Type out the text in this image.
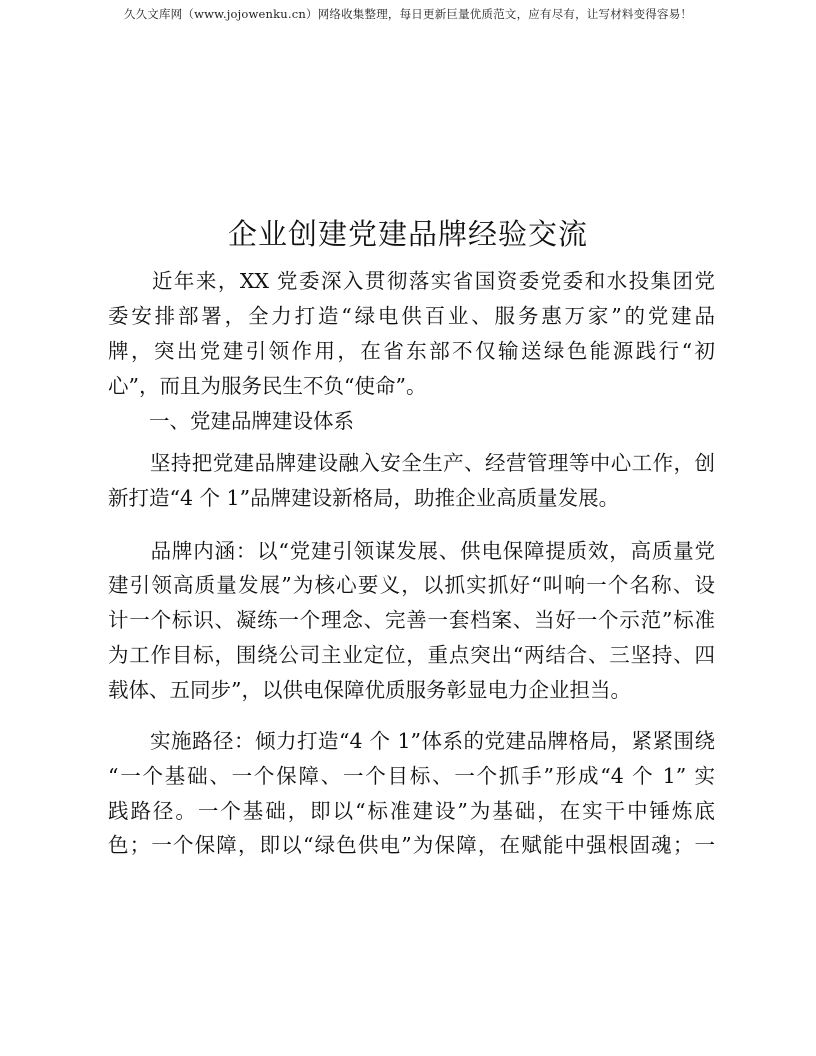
久久文库网（www.jojowenku.cn）网络收集整理，每日更新巨量优质范文，应有尽有，让写材料变得容易！
企业创建党建品牌经验交流
　　近年来，XX 党委深入贯彻落实省国资委党委和水投集团党
委安排部署，全力打造“绿电供百业、服务惠万家”的党建品
牌，突出党建引领作用，在省东部不仅输送绿色能源践行“初
心”，而且为服务民生不负“使命”。
　　一、党建品牌建设体系
　　坚持把党建品牌建设融入安全生产、经营管理等中心工作，创
新打造“4 个 1”品牌建设新格局，助推企业高质量发展。
　　品牌内涵：以“党建引领谋发展、供电保障提质效，高质量党
建引领高质量发展”为核心要义，以抓实抓好“叫响一个名称、设
计一个标识、凝练一个理念、完善一套档案、当好一个示范”标准
为工作目标，围绕公司主业定位，重点突出“两结合、三坚持、四
载体、五同步”，以供电保障优质服务彰显电力企业担当。
　　实施路径：倾力打造“4 个 1”体系的党建品牌格局，紧紧围绕
“一个基础、一个保障、一个目标、一个抓手”形成“4 个 1” 实
践路径。一个基础，即以“标准建设”为基础，在实干中锤炼底
色；一个保障，即以“绿色供电”为保障，在赋能中强根固魂；一
